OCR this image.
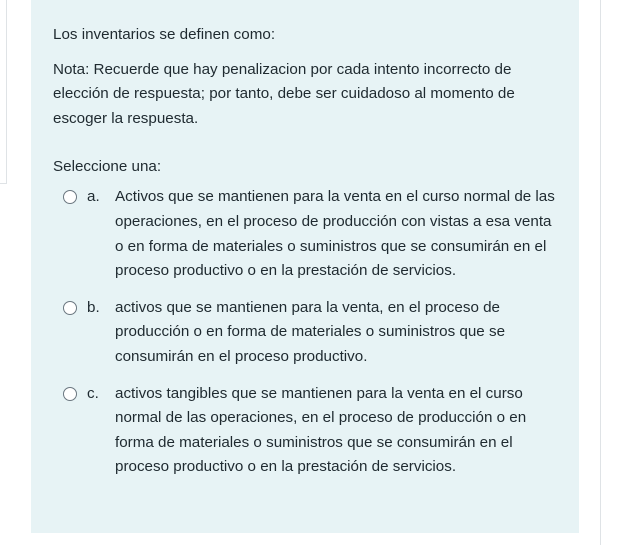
Los inventarios se definen como:

Nota: Recuerde que hay penalizacion por cada intento incorrecto de elección de respuesta; por tanto, debe ser cuidadoso al momento de escoger la respuesta.

Seleccione una:
a.	Activos que se mantienen para la venta en el curso normal de las operaciones, en el proceso de producción con vistas a esa venta o en forma de materiales o suministros que se consumirán en el proceso productivo o en la prestación de servicios.
b.	activos que se mantienen para la venta, en el proceso de producción o en forma de materiales o suministros que se consumirán en el proceso productivo.
c.	activos tangibles que se mantienen para la venta en el curso normal de las operaciones, en el proceso de producción o en forma de materiales o suministros que se consumirán en el proceso productivo o en la prestación de servicios.
